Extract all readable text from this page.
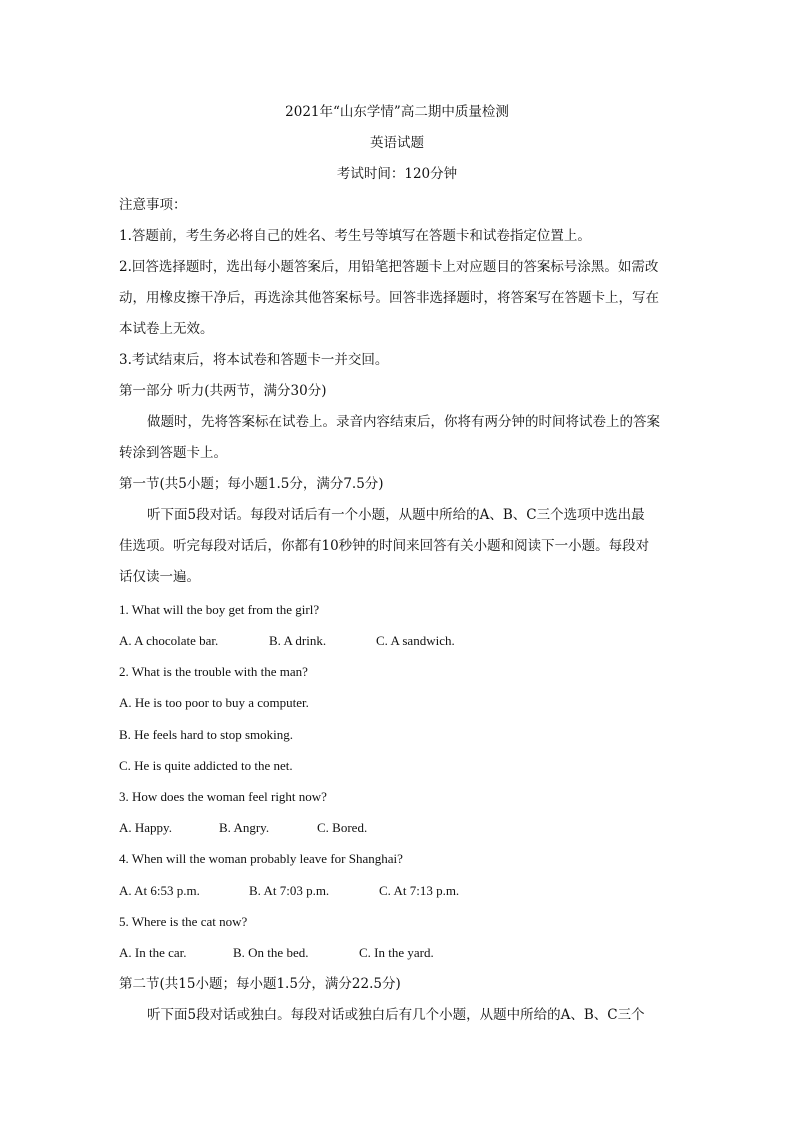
2021年“山东学情”高二期中质量检测
英语试题
考试时间：120分钟
注意事项：
1.答题前，考生务必将自己的姓名、考生号等填写在答题卡和试卷指定位置上。
2.回答选择题时，选出每小题答案后，用铅笔把答题卡上对应题目的答案标号涂黑。如需改
动，用橡皮擦干净后，再选涂其他答案标号。回答非选择题时，将答案写在答题卡上，写在
本试卷上无效。
3.考试结束后，将本试卷和答题卡一并交回。
第一部分 听力(共两节，满分30分)
做题时，先将答案标在试卷上。录音内容结束后，你将有两分钟的时间将试卷上的答案
转涂到答题卡上。
第一节(共5小题；每小题1.5分，满分7.5分)
听下面5段对话。每段对话后有一个小题，从题中所给的A、B、C三个选项中选出最
佳选项。听完每段对话后，你都有10秒钟的时间来回答有关小题和阅读下一小题。每段对
话仅读一遍。
1. What will the boy get from the girl?
A. A chocolate bar.	B. A drink.	C. A sandwich.
2. What is the trouble with the man?
A. He is too poor to buy a computer.
B. He feels hard to stop smoking.
C. He is quite addicted to the net.
3. How does the woman feel right now?
A. Happy.	B. Angry.	C. Bored.
4. When will the woman probably leave for Shanghai?
A. At 6:53 p.m.	B. At 7:03 p.m.	C. At 7:13 p.m.
5. Where is the cat now?
A. In the car.	B. On the bed.	C. In the yard.
第二节(共15小题；每小题1.5分，满分22.5分)
听下面5段对话或独白。每段对话或独白后有几个小题，从题中所给的A、B、C三个
